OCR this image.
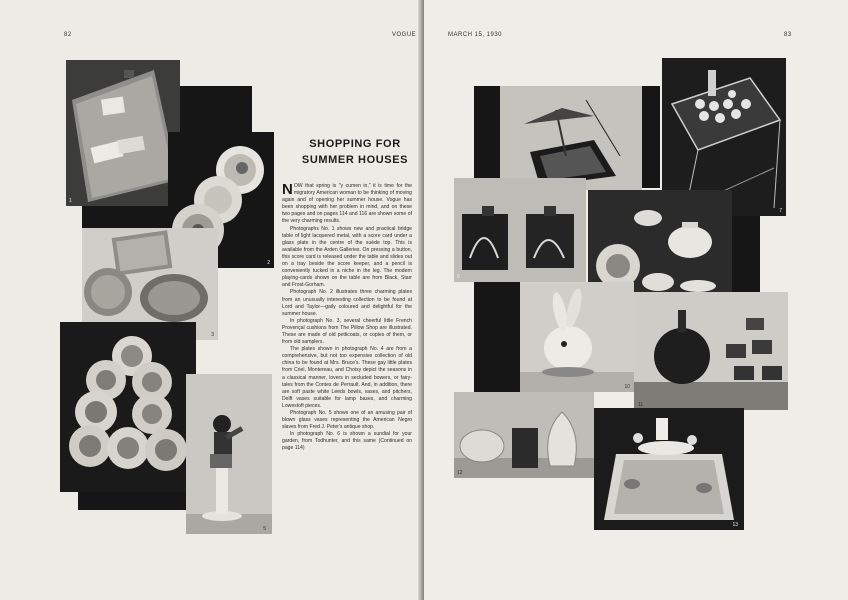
82	VOGUE
1
2
3
5
SHOPPING FOR SUMMER HOUSES

NOW that spring is "y cumen in," it is time for the migratory American woman to be thinking of moving again and of opening her summer house. Vogue has been shopping with her problem in mind, and on these two pages and on pages 114 and 116 are shown some of the very charming results.

Photographs No. 1 shows new and practical bridge table of light lacquered metal, with a score card under a glass plate in the centre of the suède top. This is available from the Arden Galleries. On pressing a button, this score card is released under the table and slides out on a tray beside the score keeper, and a pencil is conveniently tucked in a niche in the leg. The modern playing-cards shown on the table are from Black, Starr and Frost-Gorham.

Photograph No. 2 illustrates three charming plates from an unusually interesting collection to be found at Lord and Taylor—gaily coloured and delightful for the summer house.

In photograph No. 3, several cheerful little French Provençal cushions from The Pillow Shop are illustrated. These are made of old petticoats, or copies of them, or from old samplers.

The plates shown in photograph No. 4 are from a comprehensive, but not too expensive collection of old china to be found at Mrs. Bruce's. These gay little plates from Criel, Montereau, and Choisy depict the seasons in a classical manner, lovers in secluded bowers, or fairy-tales from the Contes de Perrault. And, in addition, there are soft paste white Leeds bowls, vases, and pitchers, Delft vases suitable for lamp bases, and charming Lowestoft pieces.

Photograph No. 5 shows one of an amusing pair of blown glass vases representing the American Negro slaves from Fred J. Peter's antique shop.

In photograph No. 6 is shown a sundial for your garden, from Todhunter, and this same (Continued on page 114)

MARCH 15, 1930	83
7
8
10
11
12
13
